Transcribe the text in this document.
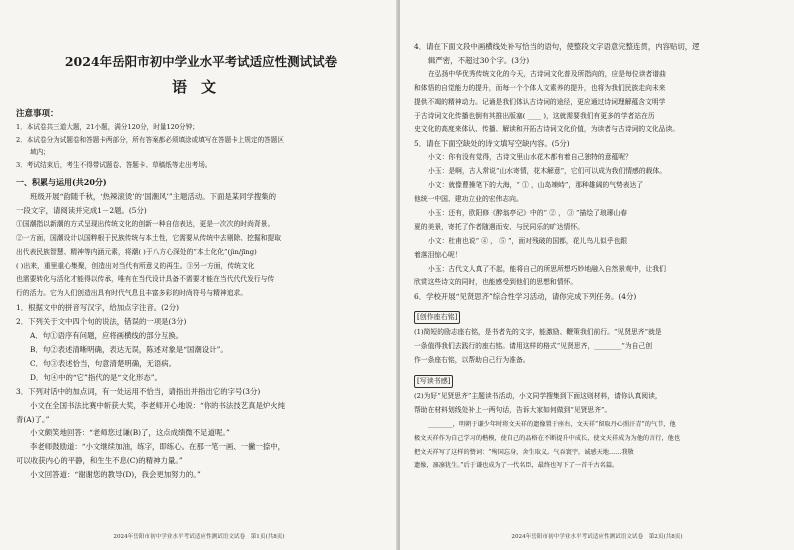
2024年岳阳市初中学业水平考试适应性测试试卷
语文
注意事项：
1．本试卷共三道大题，21小题，满分120分，时量120分钟；
2．本试卷分为试题卷和答题卡两部分，所有答案都必须填涂或填写在答题卡上规定的答题区
域内；
3．考试结束后，考生不得带试题卷、答题卡、草稿纸等走出考场。
一、积累与运用(共20分)
班级开展“韵随千秋，‘热辣滚烫’的‘国潮风’”主题活动。下面是某同学搜集的
一段文字，请阅读并完成1－2题。(5分)
①国潮指以新潮的方式呈现出传统文化的创新一种自信表达，更是一次次的时尚背景。
②一方面，国潮设计以国粹根于民族传统与本土性，它需要从传统中去剔除、挖掘和提取
出代表民族智慧、精神等内涵元素，将潮( )于八方心深处的“本土化化”(jìn/jīng)
( )出来，重里重心集聚，创造出对当代有所意义的再生。③另一方面，传统文化
也需要转化与活化才能得以传承，唯有在当代设计具备不需要才能在当代代代发行与传
行的活力。它为人们创造出具有时代气息且丰富多彩的时尚符号与精神追求。
1．根据文中的拼音写汉字，给加点字注音。(2分)
2．下列关于文中四个句的说法，错误的一项是(3分)
A．句①语序有问题，应将画横线的部分互换。
B．句②表述清晰明确，表达无误，陈述对象是“国潮设计”。
C．句③表述恰当，句意清楚明确，无语病。
D．句④中的“它”指代的是“文化形态”。
3．下列对话中的加点词，有一处运用不恰当，请指出并指出它的字号(3分)
小文在全国书法比赛中斩获大奖，李老师开心地说：“你的书法技艺真是炉火纯
青(A)了。”
小文颇笑地回答：“老师您过谦(B)了，这点成绩微不足道呢。”
李老师鼓励道：“小文继续加油，练字，即练心。在那一笔一画、一撇一捺中，
可以收获内心的平静，和生生不息(C)的精神力量。”
小文回答道：“谢谢您的教导(D)，我会更加努力的。”
2024年岳阳市初中学业水平考试适应性测试语文试卷　第1页(共8页)
4．请在下面文段中画横线处补写恰当的语句，使整段文字语意完整连贯，内容贴切，逻
辑严密，不超过30个字。(3分)
在弘扬中华优秀传统文化的今天，古诗词文化普及所指向的，应是每位读者谱曲
和体悟的自觉能力的提升，而每一个个体人文素养的提升，也将为我们民族走向未来
提供不竭的精神动力。记诵是我们体认古诗词的途径，更应通过诗词理解蕴含文明学
于古诗词文化传播也倒有其推出版塞( ____ )，这就需要我们有更多的学者站在历
史文化的高度来体认、传播、解读和开拓古诗词文化价值，为读者与古诗词的文化品读。
5．请在下面空缺处的诗文填写空缺内容。(5分)
小文：你有没有觉得，古诗文里山水花木都有着自己独特的意蕴呢？
小玉：是啊，古人常说“山水寄情，花木解意”，它们可以成为我们情感的载体。
小文：就像曹操笔下的大海，“ ① ，山岛竦峙”，那种雄阔的气势表达了
他统一中国、建功立业的宏伟志向。
小玉：还有，欧阳修《醉翁亭记》中的“ ② ， ③ ”描绘了琅琊山春
夏的美景，寄托了作者随遇而安、与民同乐的旷达情怀。
小文：杜甫也说“ ④ ， ⑤ ”，面对残破的国都，花儿鸟儿似乎也跟
着落泪惊心呢！
小玉：古代文人真了不起，能将自己的所思所想巧妙地融入自然景观中，让我们
欣赏这些诗文的同时，也能感受到他们的思想和情怀。
6．学校开展“见贤思齐”综合性学习活动，请你完成下列任务。(4分)
[创作座右铭]
(1)简短的励志座右铭，是书者先的文字，能激励、鞭策我们前行。“见贤思齐”就是
一条值得我们去践行的座右铭。请用这样的格式“见贤思齐，________”为自己创
作一条座右铭，以帮助自己行为准备。
[写读书感]
(2)为好“见贤思齐”主题读书活动，小文同学搜集到下面这则材料，请你认真阅读，
帮助在材料划线处补上一两句话，告诉大家如何做到“见贤思齐”。
________，明朝于谦少年时将文天祥的遗像置于座右，文天祥“留取丹心照汗青”的气节，他
极文天祥作为自己学习的楷模，使自己的品格在不断提升中成长，使文天祥成为为他的言行，他也
把文天祥写了这样的赞词：“殉国忘身，舍生取义。气吞寰宇，诚感天地……我敬
遗像，凛凛犹生。”后于谦也成为了一代名臣，最终也写下了一首千古名篇。
2024年岳阳市初中学业水平考试适应性测试语文试卷　第2页(共8页)
